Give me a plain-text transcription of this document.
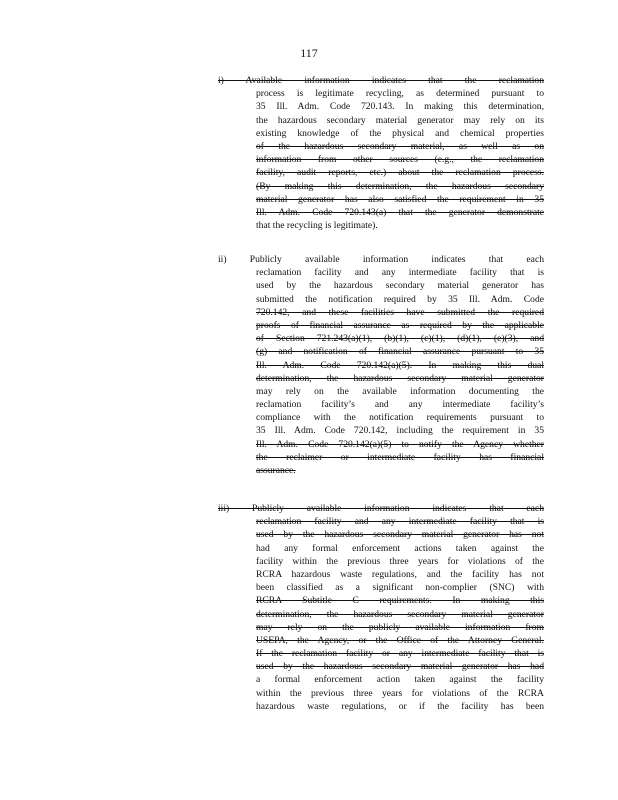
117
i) Available information indicates that the reclamation
process is legitimate recycling, as determined pursuant to
35 Ill. Adm. Code 720.143. In making this determination,
the hazardous secondary material generator may rely on its
existing knowledge of the physical and chemical properties
of the hazardous secondary material, as well as on
information from other sources (e.g., the reclamation
facility, audit reports, etc.) about the reclamation process.
(By making this determination, the hazardous secondary
material generator has also satisfied the requirement in 35
Ill. Adm. Code 720.143(a) that the generator demonstrate
that the recycling is legitimate).
ii) Publicly available information indicates that each
reclamation facility and any intermediate facility that is
used by the hazardous secondary material generator has
submitted the notification required by 35 Ill. Adm. Code
720.142, and these facilities have submitted the required
proofs of financial assurance as required by the applicable
of Section 721.243(a)(1), (b)(1), (c)(1), (d)(1), (e)(3), and
(g) and notification of financial assurance pursuant to 35
Ill. Adm. Code 720.142(a)(5). In making this dual
determination, the hazardous secondary material generator
may rely on the available information documenting the
reclamation facility’s and any intermediate facility’s
compliance with the notification requirements pursuant to
35 Ill. Adm. Code 720.142, including the requirement in 35
Ill. Adm. Code 720.142(a)(5) to notify the Agency whether
the reclaimer or intermediate facility has financial
assurance.
iii) Publicly available information indicates that each
reclamation facility and any intermediate facility that is
used by the hazardous secondary material generator has not
had any formal enforcement actions taken against the
facility within the previous three years for violations of the
RCRA hazardous waste regulations, and the facility has not
been classified as a significant non-complier (SNC) with
RCRA Subtitle C requirements. In making this
determination, the hazardous secondary material generator
may rely on the publicly available information from
USEPA, the Agency, or the Office of the Attorney General.
If the reclamation facility or any intermediate facility that is
used by the hazardous secondary material generator has had
a formal enforcement action taken against the facility
within the previous three years for violations of the RCRA
hazardous waste regulations, or if the facility has been
